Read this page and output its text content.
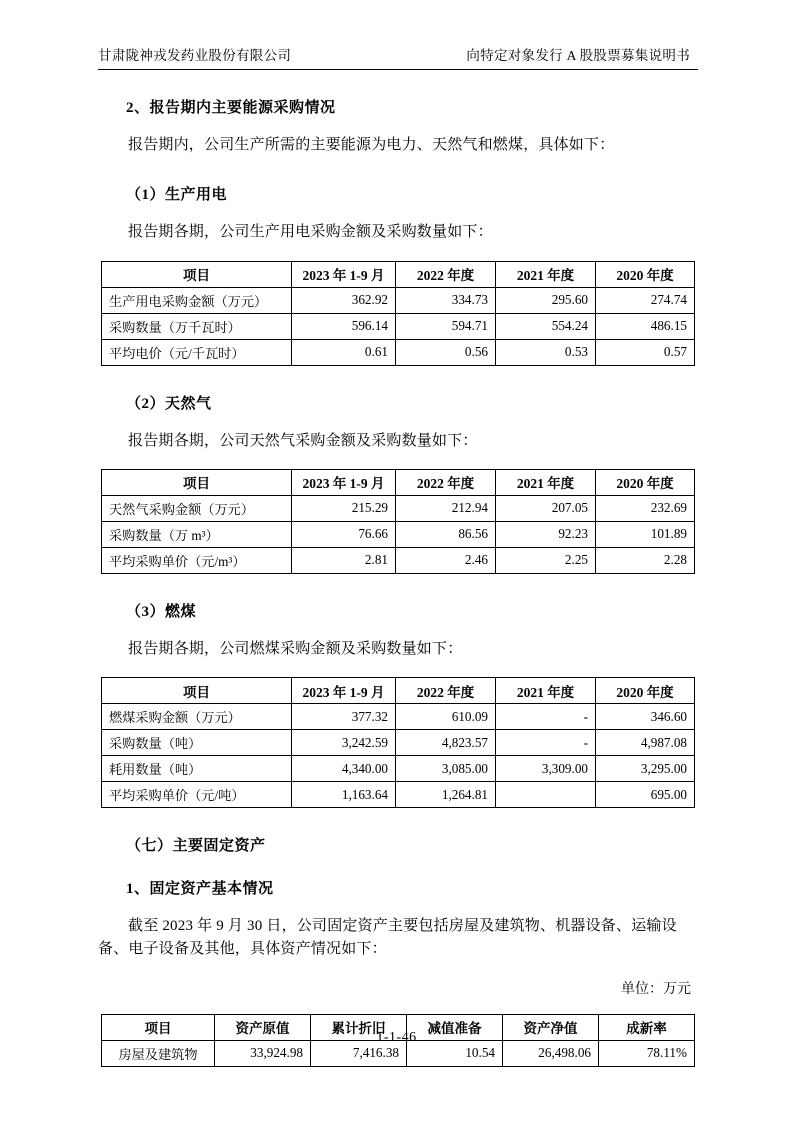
甘肃陇神戎发药业股份有限公司	向特定对象发行 A 股股票募集说明书
2、报告期内主要能源采购情况

报告期内，公司生产所需的主要能源为电力、天然气和燃煤，具体如下：

（1）生产用电

报告期各期，公司生产用电采购金额及采购数量如下：

项目	2023 年 1-9 月	2022 年度	2021 年度	2020 年度
生产用电采购金额（万元）	362.92	334.73	295.60	274.74
采购数量（万千瓦时）	596.14	594.71	554.24	486.15
平均电价（元/千瓦时）	0.61	0.56	0.53	0.57
（2）天然气

报告期各期，公司天然气采购金额及采购数量如下：

项目	2023 年 1-9 月	2022 年度	2021 年度	2020 年度
天然气采购金额（万元）	215.29	212.94	207.05	232.69
采购数量（万 m³）	76.66	86.56	92.23	101.89
平均采购单价（元/m³）	2.81	2.46	2.25	2.28
（3）燃煤

报告期各期，公司燃煤采购金额及采购数量如下：

项目	2023 年 1-9 月	2022 年度	2021 年度	2020 年度
燃煤采购金额（万元）	377.32	610.09	-	346.60
采购数量（吨）	3,242.59	4,823.57	-	4,987.08
耗用数量（吨）	4,340.00	3,085.00	3,309.00	3,295.00
平均采购单价（元/吨）	1,163.64	1,264.81		695.00
（七）主要固定资产
1、固定资产基本情况

截至 2023 年 9 月 30 日，公司固定资产主要包括房屋及建筑物、机器设备、运输设备、电子设备及其他，具体资产情况如下：

单位：万元
项目	资产原值	累计折旧	减值准备	资产净值	成新率
房屋及建筑物	33,924.98	7,416.38	10.54	26,498.06	78.11%
1-1-46
